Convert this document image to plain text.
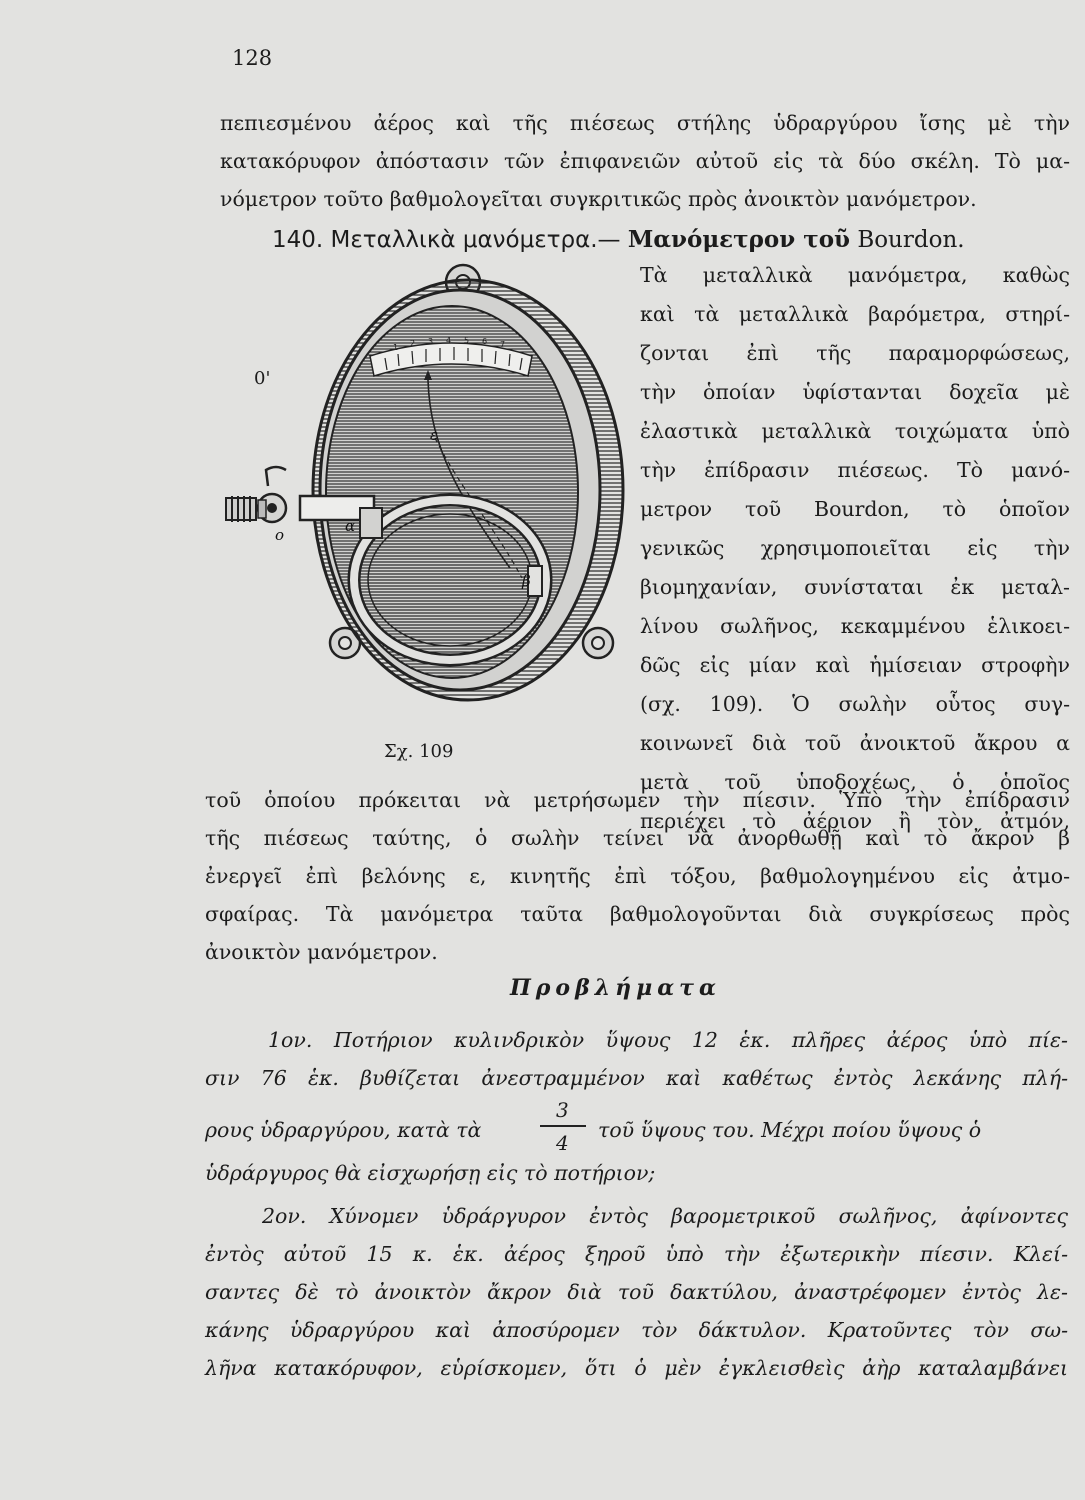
128
πεπιεσμένου ἀέρος καὶ τῆς πιέσεως στήλης ὑδραργύρου ἴσης μὲ τὴν
κατακόρυφον ἀπόστασιν τῶν ἐπιφανειῶν αὐτοῦ εἰς τὰ δύο σκέλη. Τὸ μα-
νόμετρον τοῦτο βαθμολογεῖται συγκριτικῶς πρὸς ἀνοικτὸν μανόμετρον.
140. Μεταλλικὰ μανόμετρα.— Μανόμετρον τοῦ Bourdon.
Τὰ μεταλλικὰ μανόμετρα, καθὼς
καὶ τὰ μεταλλικὰ βαρόμετρα, στηρί-
ζονται ἐπὶ τῆς παραμορφώσεως,
τὴν ὁποίαν ὑφίστανται δοχεῖα μὲ
ἐλαστικὰ μεταλλικὰ τοιχώματα ὑπὸ
τὴν ἐπίδρασιν πιέσεως. Τὸ μανό-
μετρον τοῦ Bourdon, τὸ ὁποῖον
γενικῶς χρησιμοποιεῖται εἰς τὴν
βιομηχανίαν, συνίσταται ἐκ μεταλ-
λίνου σωλῆνος, κεκαμμένου ἑλικοει-
δῶς εἰς μίαν καὶ ἡμίσειαν στροφὴν
(σχ. 109). Ὁ σωλὴν οὗτος συγ-
κοινωνεῖ διὰ τοῦ ἀνοικτοῦ ἄκρου α
μετὰ τοῦ ὑποδοχέως, ὁ ὁποῖος
περιέχει τὸ ἀέριον ἢ τὸν ἀτμόν,
0'
ε
α
β
ο
1 2 3 4 5 6 7
Σχ. 109
τοῦ ὁποίου πρόκειται νὰ μετρήσωμεν τὴν πίεσιν. Ὑπὸ τὴν ἐπίδρασιν
τῆς πιέσεως ταύτης, ὁ σωλὴν τείνει νὰ ἀνορθωθῇ καὶ τὸ ἄκρον β
ἐνεργεῖ ἐπὶ βελόνης ε, κινητῆς ἐπὶ τόξου, βαθμολογημένου εἰς ἀτμο-
σφαίρας. Τὰ μανόμετρα ταῦτα βαθμολογοῦνται διὰ συγκρίσεως πρὸς
ἀνοικτὸν μανόμετρον.
Προβλήματα
1ον. Ποτήριον κυλινδρικὸν ὕψους 12 ἑκ. πλῆρες ἀέρος ὑπὸ πίε-
σιν 76 ἑκ. βυθίζεται ἀνεστραμμένον καὶ καθέτως ἐντὸς λεκάνης πλή-
ρους ὑδραργύρου, κατὰ τὰ
3
4
τοῦ ὕψους του. Μέχρι ποίου ὕψους ὁ
ὑδράργυρος θὰ εἰσχωρήσῃ εἰς τὸ ποτήριον;
2ον. Χύνομεν ὑδράργυρον ἐντὸς βαρομετρικοῦ σωλῆνος, ἀφίνοντες
ἐντὸς αὐτοῦ 15 κ. ἑκ. ἀέρος ξηροῦ ὑπὸ τὴν ἐξωτερικὴν πίεσιν. Κλεί-
σαντες δὲ τὸ ἀνοικτὸν ἄκρον διὰ τοῦ δακτύλου, ἀναστρέφομεν ἐντὸς λε-
κάνης ὑδραργύρου καὶ ἀποσύρομεν τὸν δάκτυλον. Κρατοῦντες τὸν σω-
λῆνα κατακόρυφον, εὑρίσκομεν, ὅτι ὁ μὲν ἐγκλεισθεὶς ἀὴρ καταλαμβάνει
